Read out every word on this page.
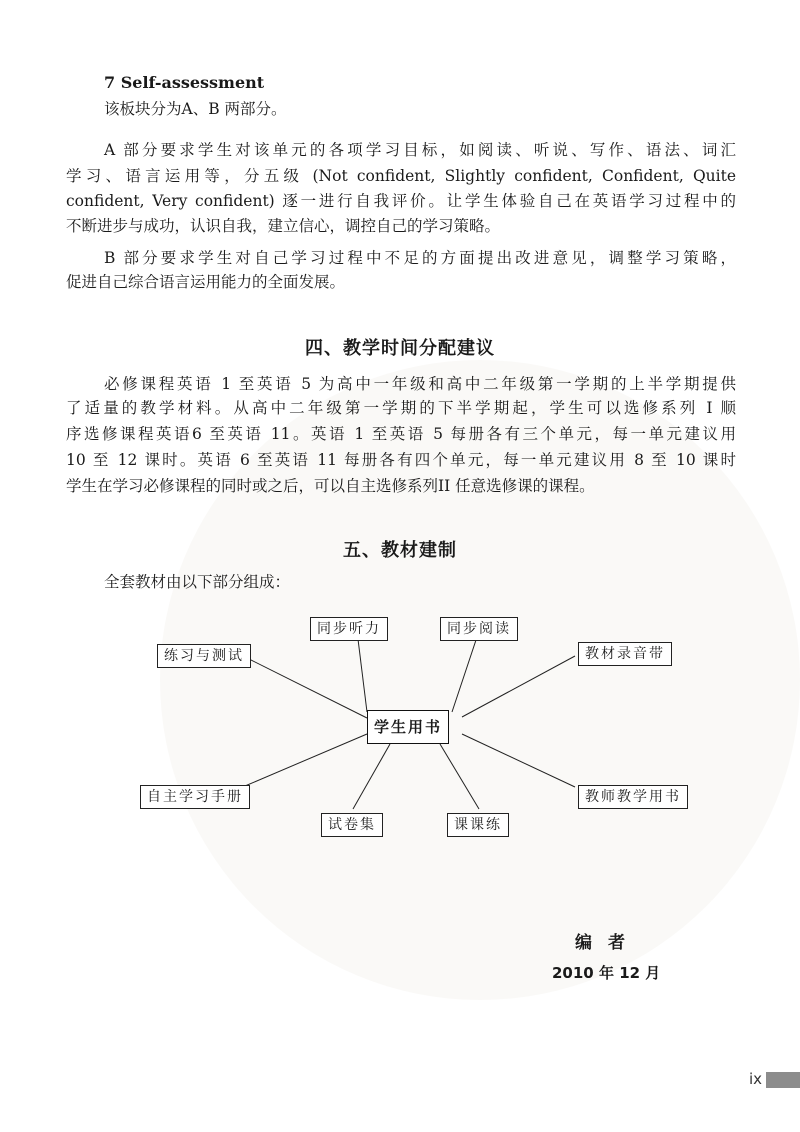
7 Self-assessment
该板块分为A、B 两部分。
A 部分要求学生对该单元的各项学习目标，如阅读、听说、写作、语法、词汇
学习、语言运用等，分五级 (Not confident, Slightly confident, Confident, Quite
confident, Very confident) 逐一进行自我评价。让学生体验自己在英语学习过程中的
不断进步与成功，认识自我，建立信心，调控自己的学习策略。
B 部分要求学生对自己学习过程中不足的方面提出改进意见，调整学习策略，
促进自己综合语言运用能力的全面发展。
四、教学时间分配建议
必修课程英语 1 至英语 5 为高中一年级和高中二年级第一学期的上半学期提供
了适量的教学材料。从高中二年级第一学期的下半学期起，学生可以选修系列 I 顺
序选修课程英语6 至英语 11。英语 1 至英语 5 每册各有三个单元，每一单元建议用
10 至 12 课时。英语 6 至英语 11 每册各有四个单元，每一单元建议用 8 至 10 课时
学生在学习必修课程的同时或之后，可以自主选修系列II 任意选修课的课程。
五、教材建制
全套教材由以下部分组成：
同步听力	同步阅读
练习与测试	教材录音带
学生用书
自主学习手册	教师教学用书
试卷集	课课练
编者
2010 年 12 月
ix
